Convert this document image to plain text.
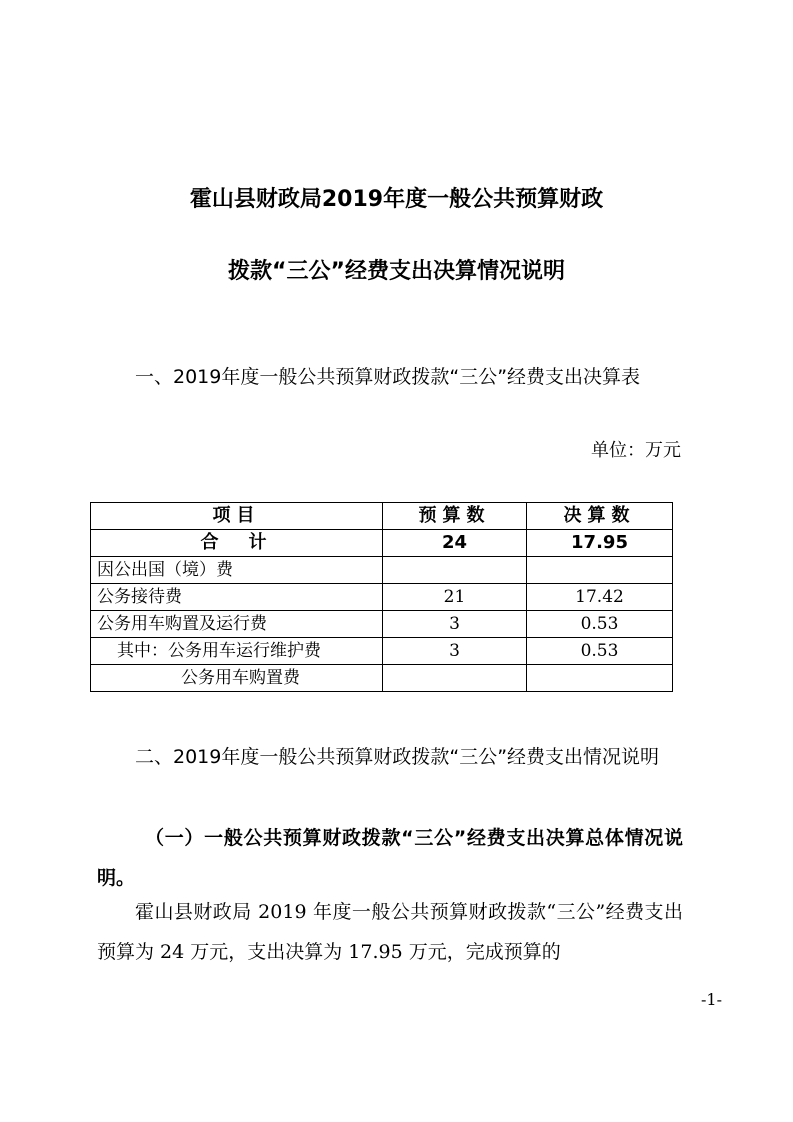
霍山县财政局2019年度一般公共预算财政
拨款“三公”经费支出决算情况说明

一、2019年度一般公共预算财政拨款“三公”经费支出决算表

单位：万元
项目	预算数	决算数
合计	24	17.95
因公出国（境）费		
公务接待费	21	17.42
公务用车购置及运行费	3	0.53
其中：公务用车运行维护费	3	0.53
公务用车购置费		

二、2019年度一般公共预算财政拨款“三公”经费支出情况说明

（一）一般公共预算财政拨款“三公”经费支出决算总体情况说明。

霍山县财政局 2019 年度一般公共预算财政拨款“三公”经费支出预算为 24 万元，支出决算为 17.95 万元，完成预算的

-1-
